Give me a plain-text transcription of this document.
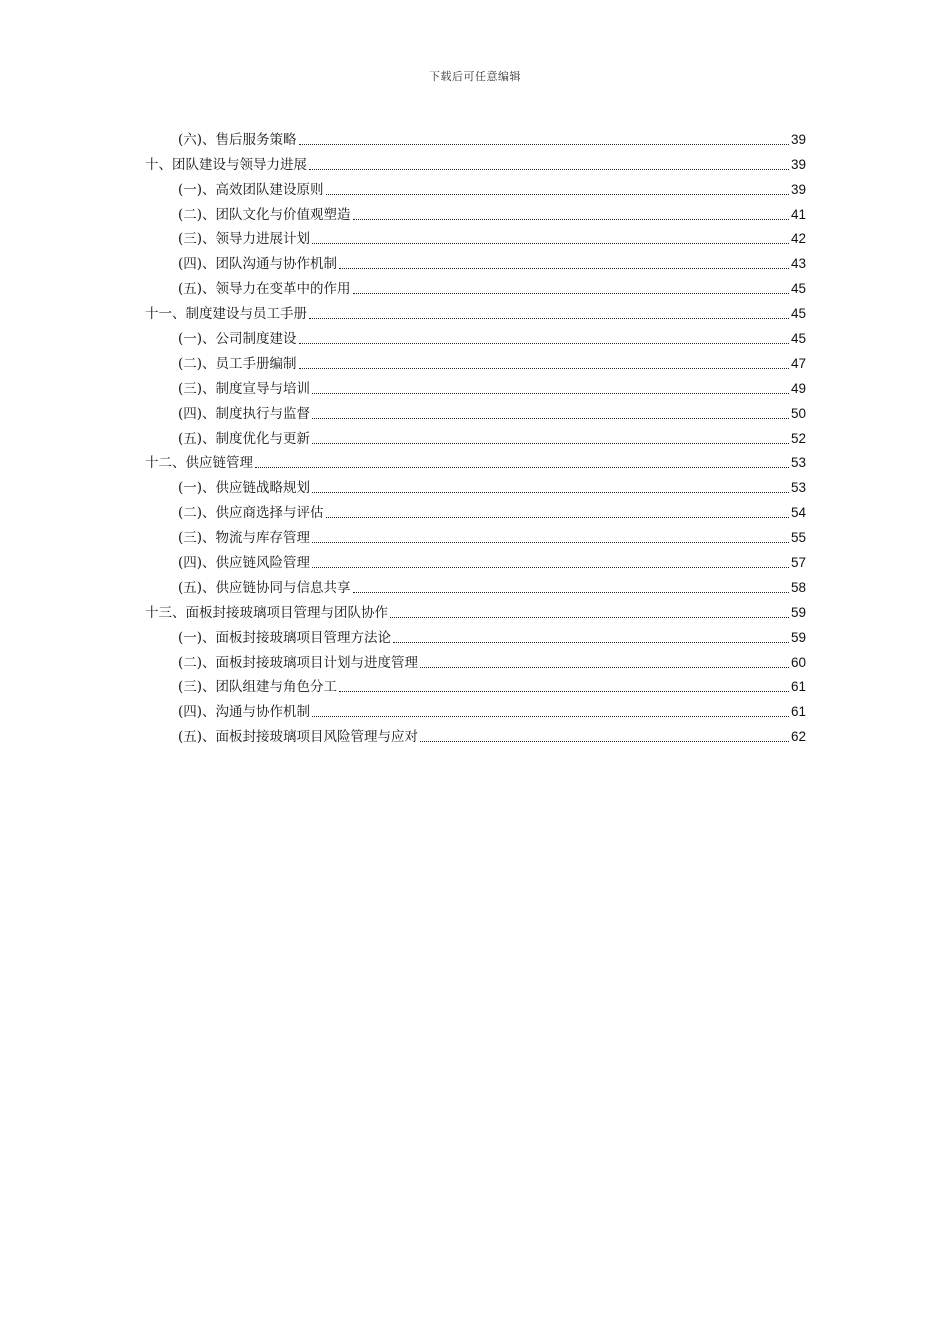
下载后可任意编辑
(六)、售后服务策略	39
十、团队建设与领导力进展	39
(一)、高效团队建设原则	39
(二)、团队文化与价值观塑造	41
(三)、领导力进展计划	42
(四)、团队沟通与协作机制	43
(五)、领导力在变革中的作用	45
十一、制度建设与员工手册	45
(一)、公司制度建设	45
(二)、员工手册编制	47
(三)、制度宣导与培训	49
(四)、制度执行与监督	50
(五)、制度优化与更新	52
十二、供应链管理	53
(一)、供应链战略规划	53
(二)、供应商选择与评估	54
(三)、物流与库存管理	55
(四)、供应链风险管理	57
(五)、供应链协同与信息共享	58
十三、面板封接玻璃项目管理与团队协作	59
(一)、面板封接玻璃项目管理方法论	59
(二)、面板封接玻璃项目计划与进度管理	60
(三)、团队组建与角色分工	61
(四)、沟通与协作机制	61
(五)、面板封接玻璃项目风险管理与应对	62
